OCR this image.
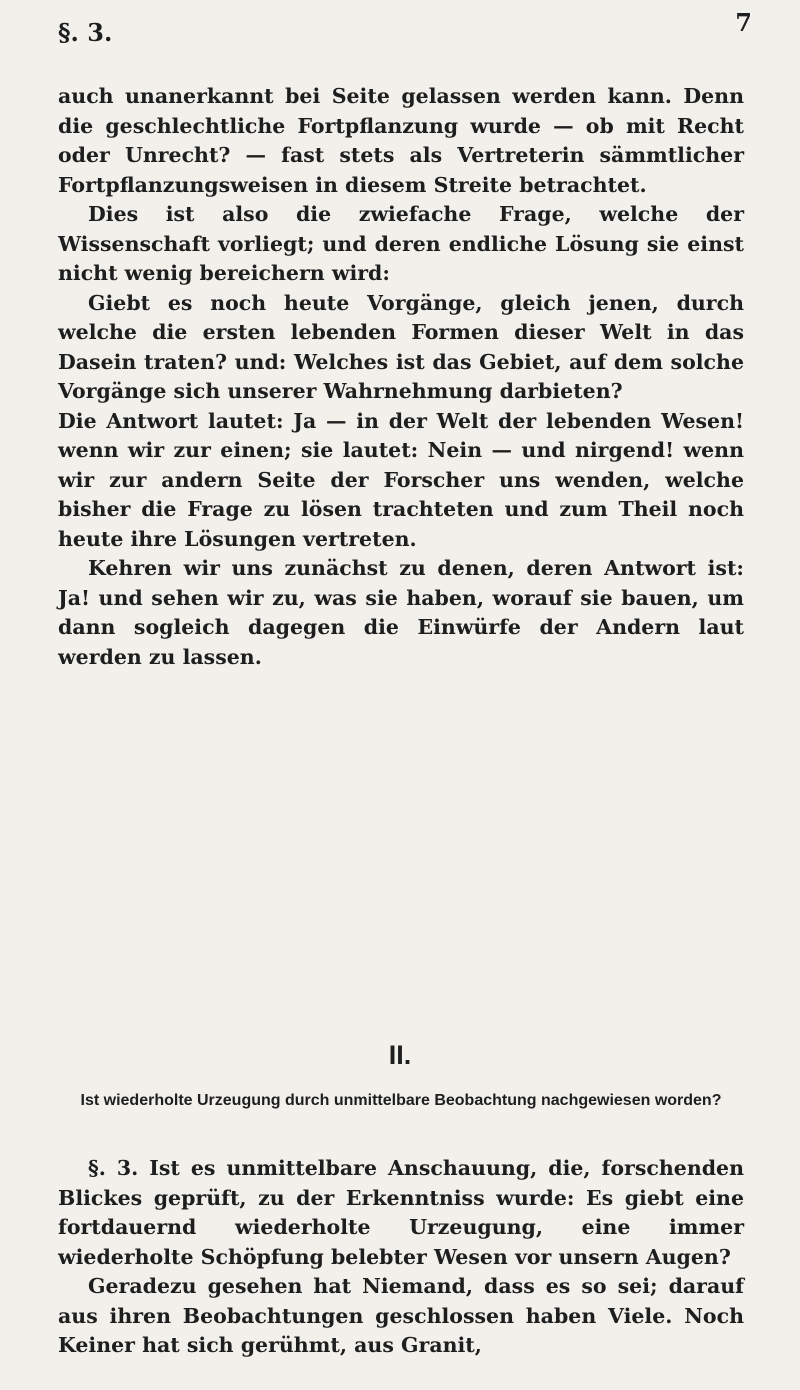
§. 3.	7

auch unanerkannt bei Seite gelassen werden kann. Denn die geschlechtliche Fortpflanzung wurde — ob mit Recht oder Unrecht? — fast stets als Vertreterin sämmtlicher Fortpflanzungsweisen in diesem Streite betrachtet.

Dies ist also die zwiefache Frage, welche der Wissenschaft vorliegt; und deren endliche Lösung sie einst nicht wenig bereichern wird:

Giebt es noch heute Vorgänge, gleich jenen, durch welche die ersten lebenden Formen dieser Welt in das Dasein traten? und: Welches ist das Gebiet, auf dem solche Vorgänge sich unserer Wahrnehmung darbieten?

Die Antwort lautet: Ja — in der Welt der lebenden Wesen! wenn wir zur einen; sie lautet: Nein — und nirgend! wenn wir zur andern Seite der Forscher uns wenden, welche bisher die Frage zu lösen trachteten und zum Theil noch heute ihre Lösungen vertreten.

Kehren wir uns zunächst zu denen, deren Antwort ist: Ja! und sehen wir zu, was sie haben, worauf sie bauen, um dann sogleich dagegen die Einwürfe der Andern laut werden zu lassen.

II.
Ist wiederholte Urzeugung durch unmittelbare Beobachtung nachgewiesen worden?

§. 3. Ist es unmittelbare Anschauung, die, forschenden Blickes geprüft, zu der Erkenntniss wurde: Es giebt eine fortdauernd wiederholte Urzeugung, eine immer wiederholte Schöpfung belebter Wesen vor unsern Augen?

Geradezu gesehen hat Niemand, dass es so sei; darauf aus ihren Beobachtungen geschlossen haben Viele. Noch Keiner hat sich gerühmt, aus Granit,
